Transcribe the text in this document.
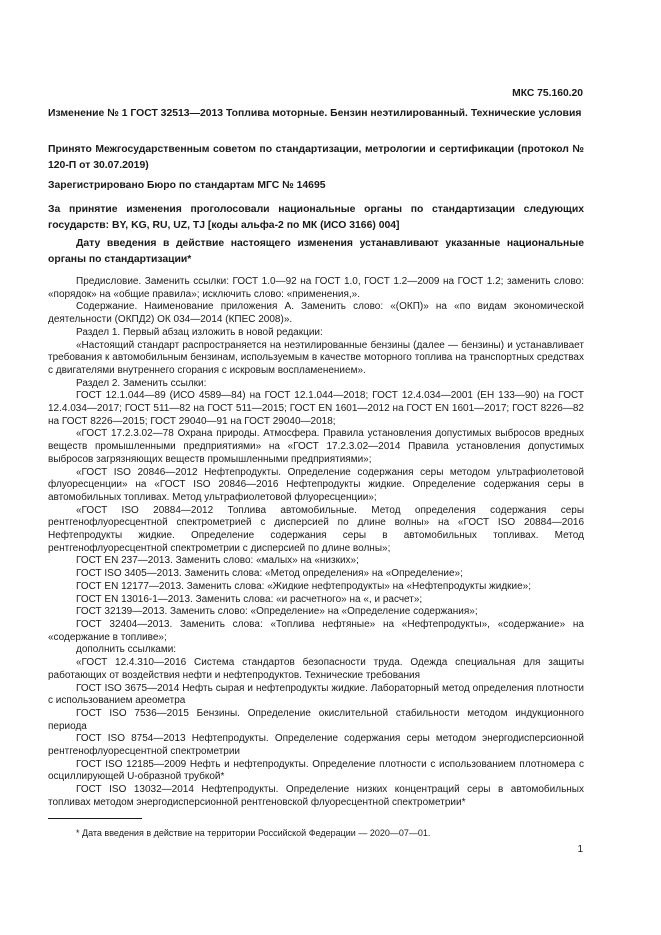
МКС 75.160.20
Изменение № 1 ГОСТ 32513—2013 Топлива моторные. Бензин неэтилированный. Технические условия
Принято Межгосударственным советом по стандартизации, метрологии и сертификации (протокол № 120-П от 30.07.2019)
Зарегистрировано Бюро по стандартам МГС № 14695
За принятие изменения проголосовали национальные органы по стандартизации следующих государств: BY, KG, RU, UZ, TJ [коды альфа-2 по МК (ИСО 3166) 004]
Дату введения в действие настоящего изменения устанавливают указанные национальные органы по стандартизации*

Предисловие. Заменить ссылки: ГОСТ 1.0—92 на ГОСТ 1.0, ГОСТ 1.2—2009 на ГОСТ 1.2; заменить слово: «порядок» на «общие правила»; исключить слово: «применения,».

Содержание. Наименование приложения А. Заменить слово: «(ОКП)» на «по видам экономической деятельности (ОКПД2) ОК 034—2014 (КПЕС 2008)».

Раздел 1. Первый абзац изложить в новой редакции:

«Настоящий стандарт распространяется на неэтилированные бензины (далее — бензины) и устанавливает требования к автомобильным бензинам, используемым в качестве моторного топлива на транспортных средствах с двигателями внутреннего сгорания с искровым воспламенением».

Раздел 2. Заменить ссылки:

ГОСТ 12.1.044—89 (ИСО 4589—84) на ГОСТ 12.1.044—2018; ГОСТ 12.4.034—2001 (ЕН 133—90) на ГОСТ 12.4.034—2017; ГОСТ 511—82 на ГОСТ 511—2015; ГОСТ EN 1601—2012 на ГОСТ EN 1601—2017; ГОСТ 8226—82 на ГОСТ 8226—2015; ГОСТ 29040—91 на ГОСТ 29040—2018;

«ГОСТ 17.2.3.02—78 Охрана природы. Атмосфера. Правила установления допустимых выбросов вредных веществ промышленными предприятиями» на «ГОСТ 17.2.3.02—2014 Правила установления допустимых выбросов загрязняющих веществ промышленными предприятиями»;

«ГОСТ ISO 20846—2012 Нефтепродукты. Определение содержания серы методом ультрафиолетовой флуоресценции» на «ГОСТ ISO 20846—2016 Нефтепродукты жидкие. Определение содержания серы в автомобильных топливах. Метод ультрафиолетовой флуоресценции»;

«ГОСТ ISO 20884—2012 Топлива автомобильные. Метод определения содержания серы рентгенофлуоресцентной спектрометрией с дисперсией по длине волны» на «ГОСТ ISO 20884—2016 Нефтепродукты жидкие. Определение содержания серы в автомобильных топливах. Метод рентгенофлуоресцентной спектрометрии с дисперсией по длине волны»;

ГОСТ EN 237—2013. Заменить слово: «малых» на «низких»;

ГОСТ ISO 3405—2013. Заменить слова: «Метод определения» на «Определение»;

ГОСТ EN 12177—2013. Заменить слова: «Жидкие нефтепродукты» на «Нефтепродукты жидкие»;

ГОСТ EN 13016-1—2013. Заменить слова: «и расчетного» на «, и расчет»;

ГОСТ 32139—2013. Заменить слово: «Определение» на «Определение содержания»;

ГОСТ 32404—2013. Заменить слова: «Топлива нефтяные» на «Нефтепродукты», «содержание» на «содержание в топливе»;

дополнить ссылками:

«ГОСТ 12.4.310—2016 Система стандартов безопасности труда. Одежда специальная для защиты работающих от воздействия нефти и нефтепродуктов. Технические требования

ГОСТ ISO 3675—2014 Нефть сырая и нефтепродукты жидкие. Лабораторный метод определения плотности с использованием ареометра

ГОСТ ISO 7536—2015 Бензины. Определение окислительной стабильности методом индукционного периода

ГОСТ ISO 8754—2013 Нефтепродукты. Определение содержания серы методом энергодисперсионной рентгенофлуоресцентной спектрометрии

ГОСТ ISO 12185—2009 Нефть и нефтепродукты. Определение плотности с использованием плотномера с осциллирующей U-образной трубкой*

ГОСТ ISO 13032—2014 Нефтепродукты. Определение низких концентраций серы в автомобильных топливах методом энергодисперсионной рентгеновской флуоресцентной спектрометрии*

* Дата введения в действие на территории Российской Федерации — 2020—07—01.
1
